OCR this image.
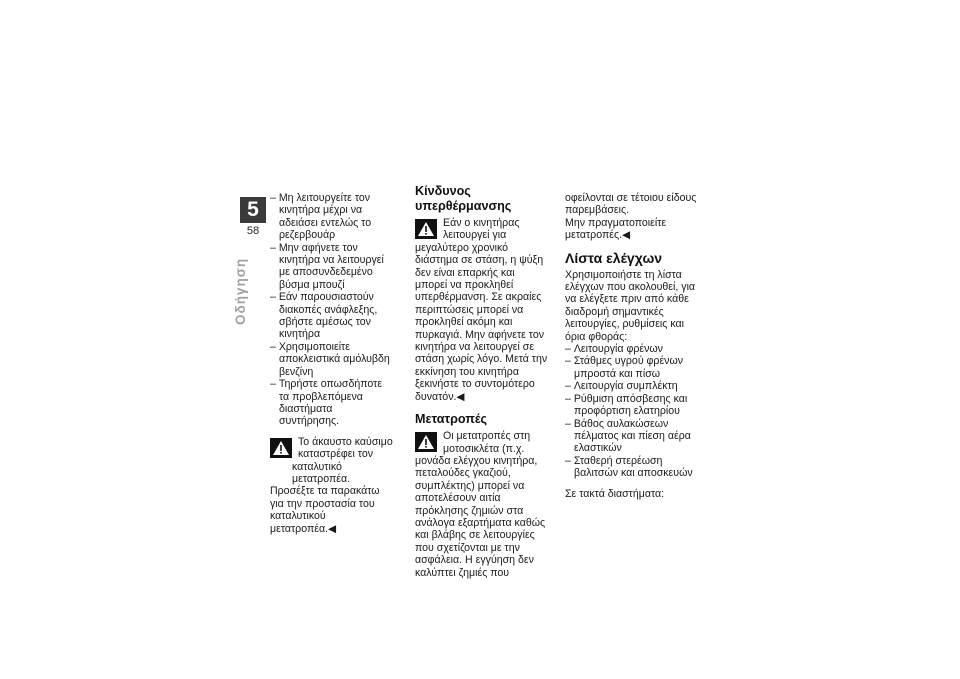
5
58
Οδήγηση
– Μη λειτουργείτε τον κινητήρα μέχρι να αδειάσει εντελώς το ρεζερβουάρ
– Μην αφήνετε τον κινητήρα να λειτουργεί με αποσυνδεδεμένο βύσμα μπουζί
– Εάν παρουσιαστούν διακοπές ανάφλεξης, σβήστε αμέσως τον κινητήρα
– Χρησιμοποιείτε αποκλειστικά αμόλυβδη βενζίνη
– Τηρήστε οπωσδήποτε τα προβλεπόμενα διαστήματα συντήρησης.

Το άκαυστο καύσιμο καταστρέφει τον καταλυτικό μετατροπέα.

Προσέξτε τα παρακάτω για την προστασία του καταλυτικού μετατροπέα.◀

Κίνδυνος υπερθέρμανσης

Εάν ο κινητήρας λειτουργεί για μεγαλύτερο χρονικό διάστημα σε στάση, η ψύξη δεν είναι επαρκής και μπορεί να προκληθεί υπερθέρμανση. Σε ακραίες περιπτώσεις μπορεί να προκληθεί ακόμη και πυρκαγιά. Μην αφήνετε τον κινητήρα να λειτουργεί σε στάση χωρίς λόγο. Μετά την εκκίνηση του κινητήρα ξεκινήστε το συντομότερο δυνατόν.◀

Μετατροπές

Οι μετατροπές στη μοτοσικλέτα (π.χ. μονάδα ελέγχου κινητήρα, πεταλούδες γκαζιού, συμπλέκτης) μπορεί να αποτελέσουν αιτία πρόκλησης ζημιών στα ανάλογα εξαρτήματα καθώς και βλάβης σε λειτουργίες που σχετίζονται με την ασφάλεια. Η εγγύηση δεν καλύπτει ζημιές που

οφείλονται σε τέτοιου είδους παρεμβάσεις.

Μην πραγματοποιείτε μετατροπές.◀

Λίστα ελέγχων

Χρησιμοποιήστε τη λίστα ελέγχων που ακολουθεί, για να ελέγξετε πριν από κάθε διαδρομή σημαντικές λειτουργίες, ρυθμίσεις και όρια φθοράς:

– Λειτουργία φρένων
– Στάθμες υγρού φρένων μπροστά και πίσω
– Λειτουργία συμπλέκτη
– Ρύθμιση απόσβεσης και προφόρτιση ελατηρίου
– Βάθος αυλακώσεων πέλματος και πίεση αέρα ελαστικών
– Σταθερή στερέωση βαλιτσών και αποσκευών

Σε τακτά διαστήματα:
